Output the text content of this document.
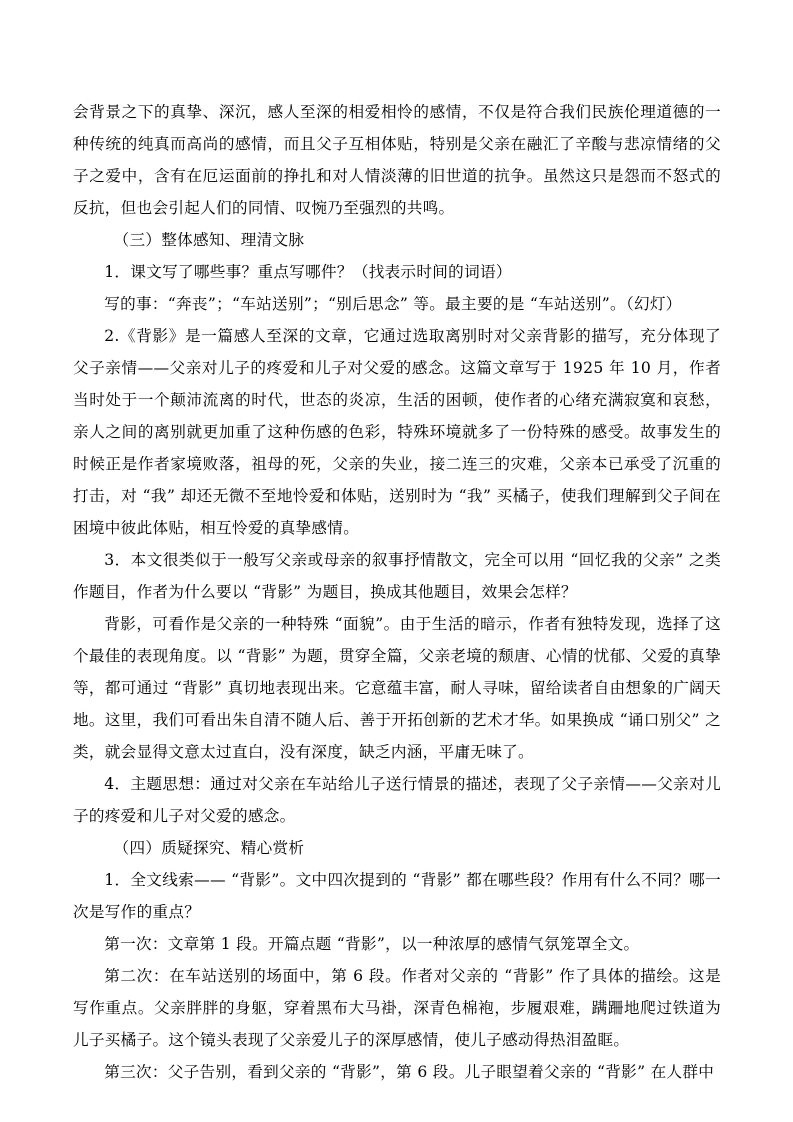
会背景之下的真挚、深沉，感人至深的相爱相怜的感情，不仅是符合我们民族伦理道德的一种传统的纯真而高尚的感情，而且父子互相体贴，特别是父亲在融汇了辛酸与悲凉情绪的父子之爱中，含有在厄运面前的挣扎和对人情淡薄的旧世道的抗争。虽然这只是怨而不怒式的反抗，但也会引起人们的同情、叹惋乃至强烈的共鸣。

（三）整体感知、理清文脉

1．课文写了哪些事？重点写哪件？（找表示时间的词语）

写的事：“奔丧”；“车站送别”；“别后思念” 等。最主要的是 “车站送别”。（幻灯）

2.《背影》是一篇感人至深的文章，它通过选取离别时对父亲背影的描写，充分体现了父子亲情——父亲对儿子的疼爱和儿子对父爱的感念。这篇文章写于 1925 年 10 月，作者当时处于一个颠沛流离的时代，世态的炎凉，生活的困顿，使作者的心绪充满寂寞和哀愁，亲人之间的离别就更加重了这种伤感的色彩，特殊环境就多了一份特殊的感受。故事发生的时候正是作者家境败落，祖母的死，父亲的失业，接二连三的灾难，父亲本已承受了沉重的打击，对 “我” 却还无微不至地怜爱和体贴，送别时为 “我” 买橘子，使我们理解到父子间在困境中彼此体贴，相互怜爱的真挚感情。

3．本文很类似于一般写父亲或母亲的叙事抒情散文，完全可以用 “回忆我的父亲” 之类作题目，作者为什么要以 “背影” 为题目，换成其他题目，效果会怎样？

背影，可看作是父亲的一种特殊 “面貌”。由于生活的暗示，作者有独特发现，选择了这个最佳的表现角度。以 “背影” 为题，贯穿全篇，父亲老境的颓唐、心情的忧郁、父爱的真挚等，都可通过 “背影” 真切地表现出来。它意蕴丰富，耐人寻味，留给读者自由想象的广阔天地。这里，我们可看出朱自清不随人后、善于开拓创新的艺术才华。如果换成 “诵口别父” 之类，就会显得文意太过直白，没有深度，缺乏内涵，平庸无味了。

4．主题思想：通过对父亲在车站给儿子送行情景的描述，表现了父子亲情——父亲对儿子的疼爱和儿子对父爱的感念。

（四）质疑探究、精心赏析

1．全文线索—— “背影”。文中四次提到的 “背影” 都在哪些段？作用有什么不同？哪一次是写作的重点？

第一次：文章第 1 段。开篇点题 “背影”，以一种浓厚的感情气氛笼罩全文。

第二次：在车站送别的场面中，第 6 段。作者对父亲的 “背影” 作了具体的描绘。这是写作重点。父亲胖胖的身躯，穿着黑布大马褂，深青色棉袍，步履艰难，蹒跚地爬过铁道为儿子买橘子。这个镜头表现了父亲爱儿子的深厚感情，使儿子感动得热泪盈眶。

第三次：父子告别，看到父亲的 “背影”，第 6 段。儿子眼望着父亲的 “背影” 在人群中
